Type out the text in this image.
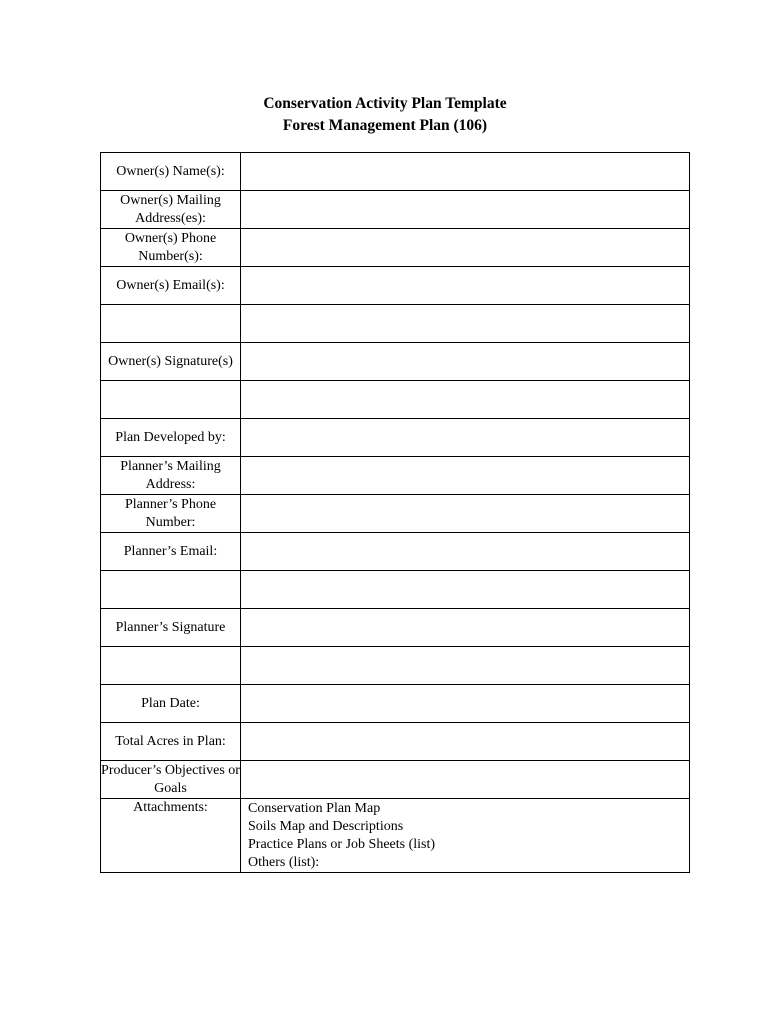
Conservation Activity Plan Template
Forest Management Plan (106)
Owner(s) Name(s):	
Owner(s) Mailing Address(es):	
Owner(s) Phone Number(s):	
Owner(s) Email(s):	

Owner(s) Signature(s)	

Plan Developed by:	
Planner’s Mailing Address:	
Planner’s Phone Number:	
Planner’s Email:	

Planner’s Signature	

Plan Date:	
Total Acres in Plan:	
Producer’s Objectives or Goals	
Attachments:	Conservation Plan Map
Soils Map and Descriptions
Practice Plans or Job Sheets (list)
Others (list):
